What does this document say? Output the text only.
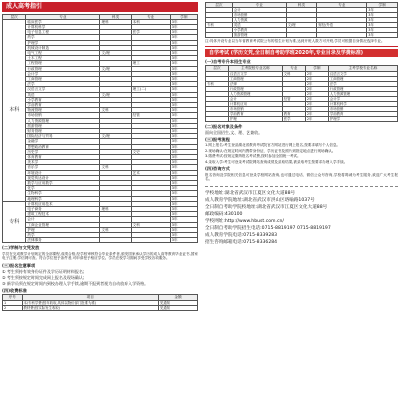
成人高考指引
层次	专业	科类	专业	学制
本科	临床医学	理科	本科	3年
	计算机科学			3年
	电子信息工程		医学	3年
	药学			3年
	护理学			3年
	机械设计制造			3年
	电气工程	文/理		3年
	土木工程			3年
	工程管理		理工	3年
	行政管理	文/理		3年
	会计学			3年
	工商管理			3年
	法学			3年
	汉语言文学		理工(二)	3年
	英语	文/理		3年
	小学教育			3年
	学前教育			3年
	物流管理	文科		3年
	市场营销		经管	3年
	人力资源管理			3年
	旅游管理			3年
	财务管理			3年
	国际经济与贸易	文/理		3年
	金融学			3年
	思想政治教育			3年
	历史学		文史	3年
	体育教育			3年
	美术学			3年
	音乐学	文科		3年
	环境设计		艺术	3年
	视觉传达设计			3年
	数学与应用数学			3年
	化学			3年
	生物科学			3年
	地理科学			3年
专科	计算机应用技术			3年
	电子商务	理科		3年
	建筑工程技术			3年
	会计			3年
	工商企业管理		文科	3年
	护理	文科		3年
	药学			3年
	法律事务			3年
(二)学制与文凭发放
学员在完成教学计划规定的全部课程,成绩合格,经学校审核符合毕业条件者,颁发国家承认学历的成人高等教育毕业证书,国家电子注册,学信网可查。符合学位授予条件者,可申请授予相应学位。学员在校学习期间享受学校各项服务。
(三)报名注意事项
① 考生须持有效身份证件及学历证明材料报名;
② 考生须按规定时间完成网上报名及现场确认;
③ 新学员须在规定时间内到校办理入学手续,逾期不报到者视为自动放弃入学资格。
(四)收费标准
序号	项目	金额
1	本/专科学费(按年收取,具体以物价部门批准为准)	见通知
2	教材费(按实际发生收取)	见通知
层次	专业	科类	专业	学制
	会计			3年
	市场营销			3年
	人力资源			3年
专科	英语	文/理	财经/外语	3年
	小学教育			3年
	旅游管理			3年
注:具体开设专业以当年省教育考试院公布的招生计划为准,达到开班人数方可开班,学员可根据自身情况选择专业。
自学考试 (学历文凭,全日制自考助学班2020年,专业目录及学费标准)
(一)自考专升本招生专业
层次	主考院校专业名称	专业	学制	主考学校专业名称
	汉语言文学	文科	2年	汉语言文学
	工商管理		2年	工商管理
专科	法律		2年	法学
	行政管理		2年	行政管理
	人力资源管理		2年	人力资源管理
	会计	经管	2年	会计学
	计算机应用		2年	计算机科学
	市场营销		2年	市场营销
	学前教育	教育	2年	学前教育
	护理	医学	2年	护理学
(二)报名对象及条件
面向全国招生,文、理、艺兼收。
(三)报考流程
1.网上报名:考生登录湖北省教育考试院官方网站进行网上报名,按要求填写个人信息。
2.现场确认:在规定时间内携带身份证、学历证书及照片到指定地点进行现场确认。
3.缴费考试:按规定缴纳报名考试费,按时参加全国统一考试。
4.录取入学:考生可登录考试院网站查询成绩及录取结果,被录取考生按要求办理入学手续。
(四)咨询方式
报名咨询及学院相关信息可登录学校网站查询,也可通过电话、微信公众号咨询,学校将竭诚为考生服务,欢迎广大考生报名。
学校地址:湖北省武汉市江夏区文化大道88号
成人教育学院地址:湖北省武汉市洪山区珞喻路1037号
全日制自考助学院校地址:湖北省武汉市江夏区文化大道88号
邮政编码:430100
学校网址:http://www.hbust.com.cn/
全日制自考助学院招生电话:0715-8819197 0715-8819197
成人教育学院电话:0715-8339283
招生咨询邮箱电话:0715-8336284
